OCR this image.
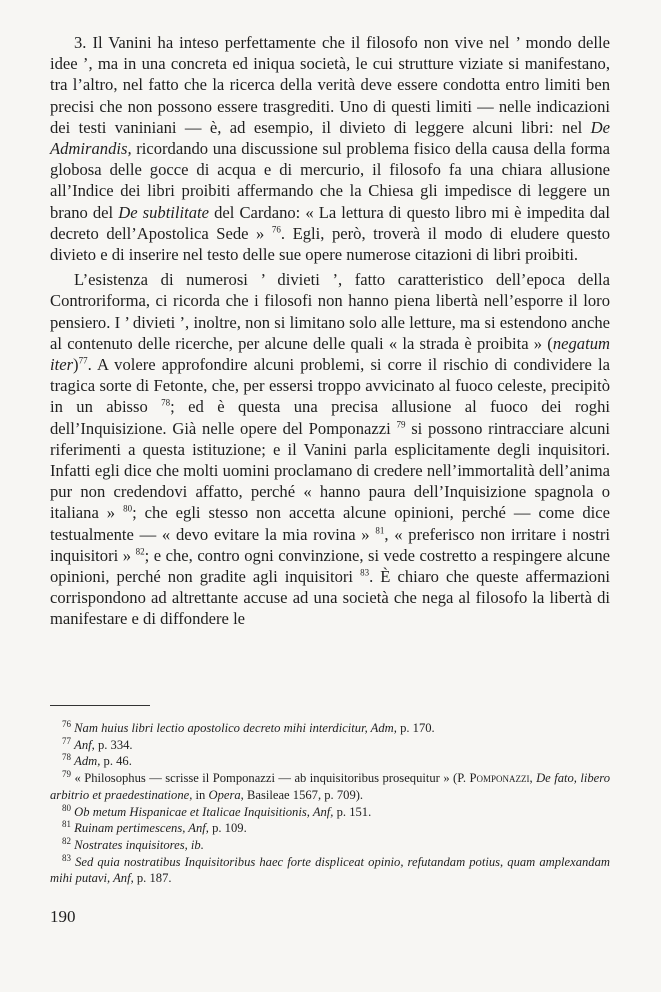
3. Il Vanini ha inteso perfettamente che il filosofo non vive nel ’ mondo delle idee ’, ma in una concreta ed iniqua società, le cui strutture viziate si manifestano, tra l’altro, nel fatto che la ricerca della verità deve essere condotta entro limiti ben precisi che non possono essere trasgrediti. Uno di questi limiti — nelle indicazioni dei testi vaniniani — è, ad esempio, il divieto di leggere alcuni libri: nel De Admirandis, ricordando una discussione sul problema fisico della causa della forma globosa delle gocce di acqua e di mercurio, il filosofo fa una chiara allusione all’Indice dei libri proibiti affermando che la Chiesa gli impedisce di leggere un brano del De subtilitate del Cardano: « La lettura di questo libro mi è impedita dal decreto dell’Apostolica Sede » $^{76}$. Egli, però, troverà il modo di eludere questo divieto e di inserire nel testo delle sue opere numerose citazioni di libri proibiti.

L’esistenza di numerosi ’ divieti ’, fatto caratteristico dell’epoca della Controriforma, ci ricorda che i filosofi non hanno piena libertà nell’esporre il loro pensiero. I ’ divieti ’, inoltre, non si limitano solo alle letture, ma si estendono anche al contenuto delle ricerche, per alcune delle quali « la strada è proibita » (negatum iter)$^{77}$. A volere approfondire alcuni problemi, si corre il rischio di condividere la tragica sorte di Fetonte, che, per essersi troppo avvicinato al fuoco celeste, precipitò in un abisso $^{78}$; ed è questa una precisa allusione al fuoco dei roghi dell’Inquisizione. Già nelle opere del Pomponazzi $^{79}$ si possono rintracciare alcuni riferimenti a questa istituzione; e il Vanini parla esplicitamente degli inquisitori. Infatti egli dice che molti uomini proclamano di credere nell’immortalità dell’anima pur non credendovi affatto, perché « hanno paura dell’Inquisizione spagnola o italiana » $^{80}$; che egli stesso non accetta alcune opinioni, perché — come dice testualmente — « devo evitare la mia rovina » $^{81}$, « preferisco non irritare i nostri inquisitori » $^{82}$; e che, contro ogni convinzione, si vede costretto a respingere alcune opinioni, perché non gradite agli inquisitori $^{83}$. È chiaro che queste affermazioni corrispondono ad altrettante accuse ad una società che nega al filosofo la libertà di manifestare e di diffondere le

$^{76}$ Nam huius libri lectio apostolico decreto mihi interdicitur, Adm, p. 170.
$^{77}$ Anf, p. 334.
$^{78}$ Adm, p. 46.
$^{79}$ « Philosophus — scrisse il Pomponazzi — ab inquisitoribus prosequitur » (P. Pomponazzi, De fato, libero arbitrio et praedestinatione, in Opera, Basileae 1567, p. 709).
$^{80}$ Ob metum Hispanicae et Italicae Inquisitionis, Anf, p. 151.
$^{81}$ Ruinam pertimescens, Anf, p. 109.
$^{82}$ Nostrates inquisitores, ib.
$^{83}$ Sed quia nostratibus Inquisitoribus haec forte displiceat opinio, refutandam potius, quam amplexandam mihi putavi, Anf, p. 187.
190
